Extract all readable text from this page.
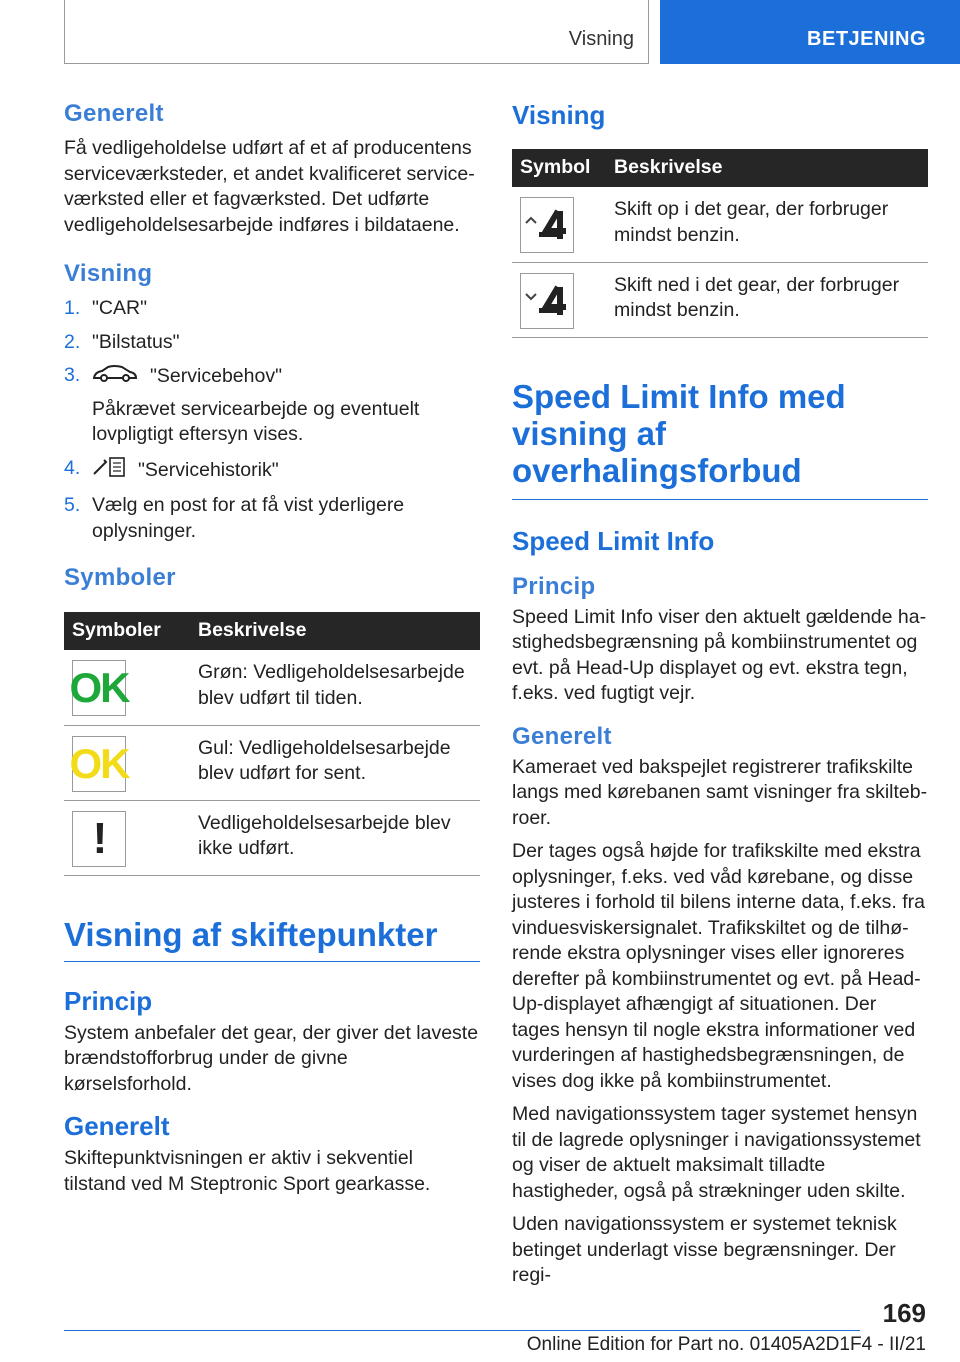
Visning	BETJENING
Generelt

Få vedligeholdelse udført af et af producentens serviceværksteder, et andet kvalificeret serviceværksted eller et fagværksted. Det udførte vedligeholdelsesarbejde indføres i bildataene.

Visning
1. "CAR"
2. "Bilstatus"
3.	"Servicebehov"
Påkrævet servicearbejde og eventuelt lovpligtigt eftersyn vises.
4.	"Servicehistorik"
5. Vælg en post for at få vist yderligere oplysninger.
Symboler
Symboler	Beskrivelse

OK	Grøn: Vedligeholdelsesarbejde blev udført til tiden.

OK	Gul: Vedligeholdelsesarbejde blev udført for sent.

!	Vedligeholdelsesarbejde blev ikke udført.
Visning af skiftepunkter
Princip

System anbefaler det gear, der giver det laveste brændstofforbrug under de givne kørselsforhold.

Generelt

Skiftepunktvisningen er aktiv i sekventiel tilstand ved M Steptronic Sport gearkasse.

Visning
Symbol	Beskrivelse

	Skift op i det gear, der forbruger mindst benzin.

	Skift ned i det gear, der forbruger mindst benzin.
Speed Limit Info med visning af overhalingsforbud
Speed Limit Info
Princip

Speed Limit Info viser den aktuelt gældende hastighedsbegrænsning på kombiinstrumentet og evt. på Head-Up displayet og evt. ekstra tegn, f.eks. ved fugtigt vejr.

Generelt

Kameraet ved bakspejlet registrerer trafikskilte langs med kørebanen samt visninger fra skiltebroer.

Der tages også højde for trafikskilte med ekstra oplysninger, f.eks. ved våd kørebane, og disse justeres i forhold til bilens interne data, f.eks. fra vinduesviskersignalet. Trafikskiltet og de tilhørende ekstra oplysninger vises eller ignoreres derefter på kombiinstrumentet og evt. på Head-Up-displayet afhængigt af situationen. Der tages hensyn til nogle ekstra informationer ved vurderingen af hastighedsbegrænsningen, de vises dog ikke på kombiinstrumentet.

Med navigationssystem tager systemet hensyn til de lagrede oplysninger i navigationssystemet og viser de aktuelt maksimalt tilladte hastigheder, også på strækninger uden skilte.

Uden navigationssystem er systemet teknisk betinget underlagt visse begrænsninger. Der regi-

169
Online Edition for Part no. 01405A2D1F4 - II/21
